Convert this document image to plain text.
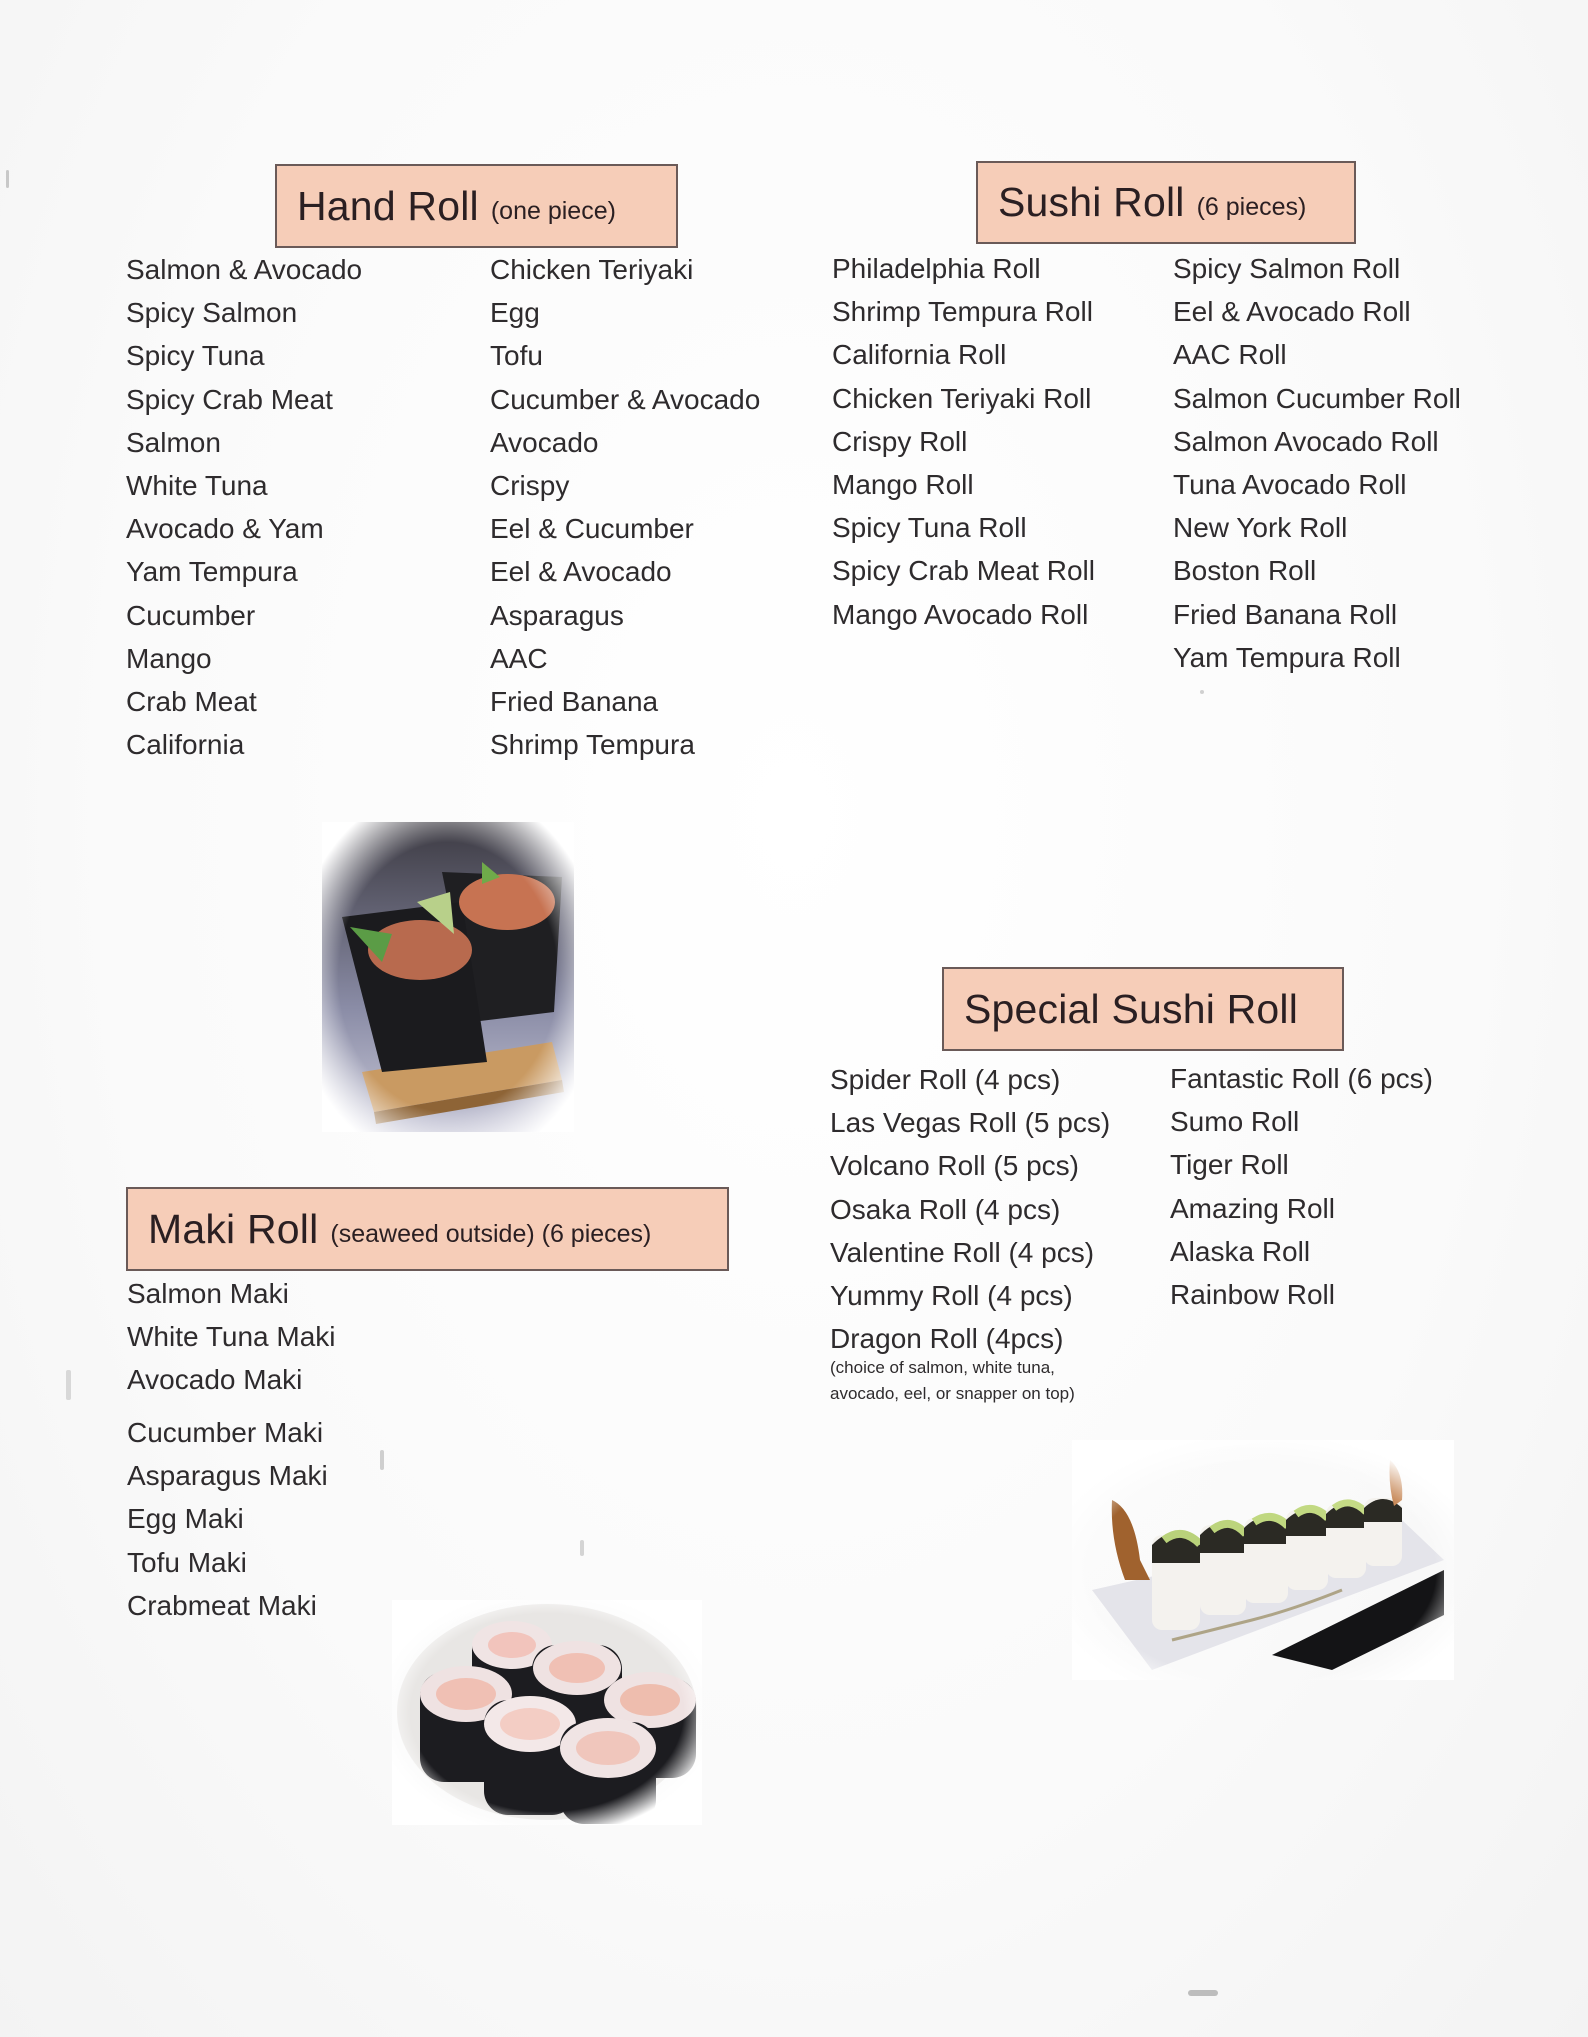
Hand Roll (one piece)
Salmon & Avocado
Spicy Salmon
Spicy Tuna
Spicy Crab Meat
Salmon
White Tuna
Avocado & Yam
Yam Tempura
Cucumber
Mango
Crab Meat
California
Chicken Teriyaki
Egg
Tofu
Cucumber & Avocado
Avocado
Crispy
Eel & Cucumber
Eel & Avocado
Asparagus
AAC
Fried Banana
Shrimp Tempura
Maki Roll (seaweed outside) (6 pieces)
Salmon Maki
White Tuna Maki
Avocado Maki
Cucumber Maki
Asparagus Maki
Egg Maki
Tofu Maki
Crabmeat Maki
Sushi Roll (6 pieces)
Philadelphia Roll
Shrimp Tempura Roll
California Roll
Chicken Teriyaki Roll
Crispy Roll
Mango Roll
Spicy Tuna Roll
Spicy Crab Meat Roll
Mango Avocado Roll
Spicy Salmon Roll
Eel & Avocado Roll
AAC Roll
Salmon Cucumber Roll
Salmon Avocado Roll
Tuna Avocado Roll
New York Roll
Boston Roll
Fried Banana Roll
Yam Tempura Roll
Special Sushi Roll
Spider Roll (4 pcs)
Las Vegas Roll (5 pcs)
Volcano Roll (5 pcs)
Osaka Roll (4 pcs)
Valentine Roll (4 pcs)
Yummy Roll (4 pcs)
Dragon Roll (4pcs)
(choice of salmon, white tuna,
avocado, eel, or snapper on top)
Fantastic Roll (6 pcs)
Sumo Roll
Tiger Roll
Amazing Roll
Alaska Roll
Rainbow Roll
